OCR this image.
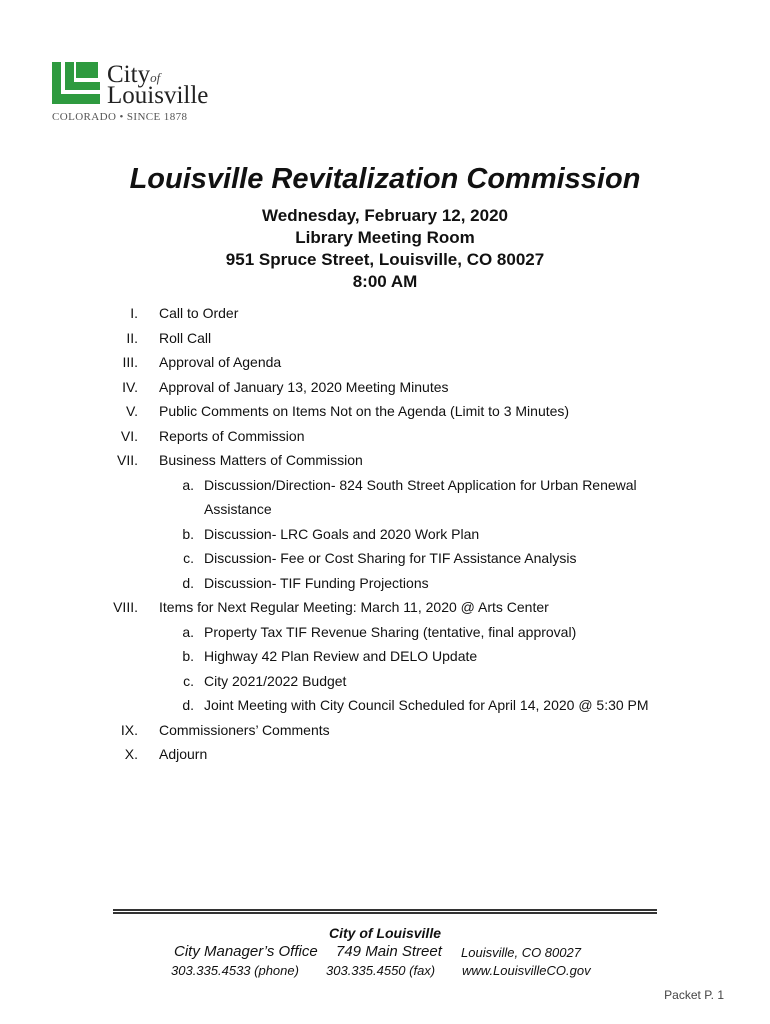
Cityof
Louisville
COLORADO • SINCE 1878
Louisville Revitalization Commission
Wednesday, February 12, 2020
Library Meeting Room
951 Spruce Street, Louisville, CO 80027
8:00 AM
I. Call to Order
II. Roll Call
III. Approval of Agenda
IV. Approval of January 13, 2020 Meeting Minutes
V. Public Comments on Items Not on the Agenda (Limit to 3 Minutes)
VI. Reports of Commission
VII. Business Matters of Commission
a. Discussion/Direction- 824 South Street Application for Urban Renewal
Assistance
b. Discussion- LRC Goals and 2020 Work Plan
c. Discussion- Fee or Cost Sharing for TIF Assistance Analysis
d. Discussion- TIF Funding Projections
VIII. Items for Next Regular Meeting: March 11, 2020 @ Arts Center
a. Property Tax TIF Revenue Sharing (tentative, final approval)
b. Highway 42 Plan Review and DELO Update
c. City 2021/2022 Budget
d. Joint Meeting with City Council Scheduled for April 14, 2020 @ 5:30 PM
IX. Commissioners’ Comments
X. Adjourn
City of Louisville
City Manager’s Office 749 Main Street Louisville, CO 80027
303.335.4533 (phone) 303.335.4550 (fax) www.LouisvilleCO.gov
Packet P. 1
